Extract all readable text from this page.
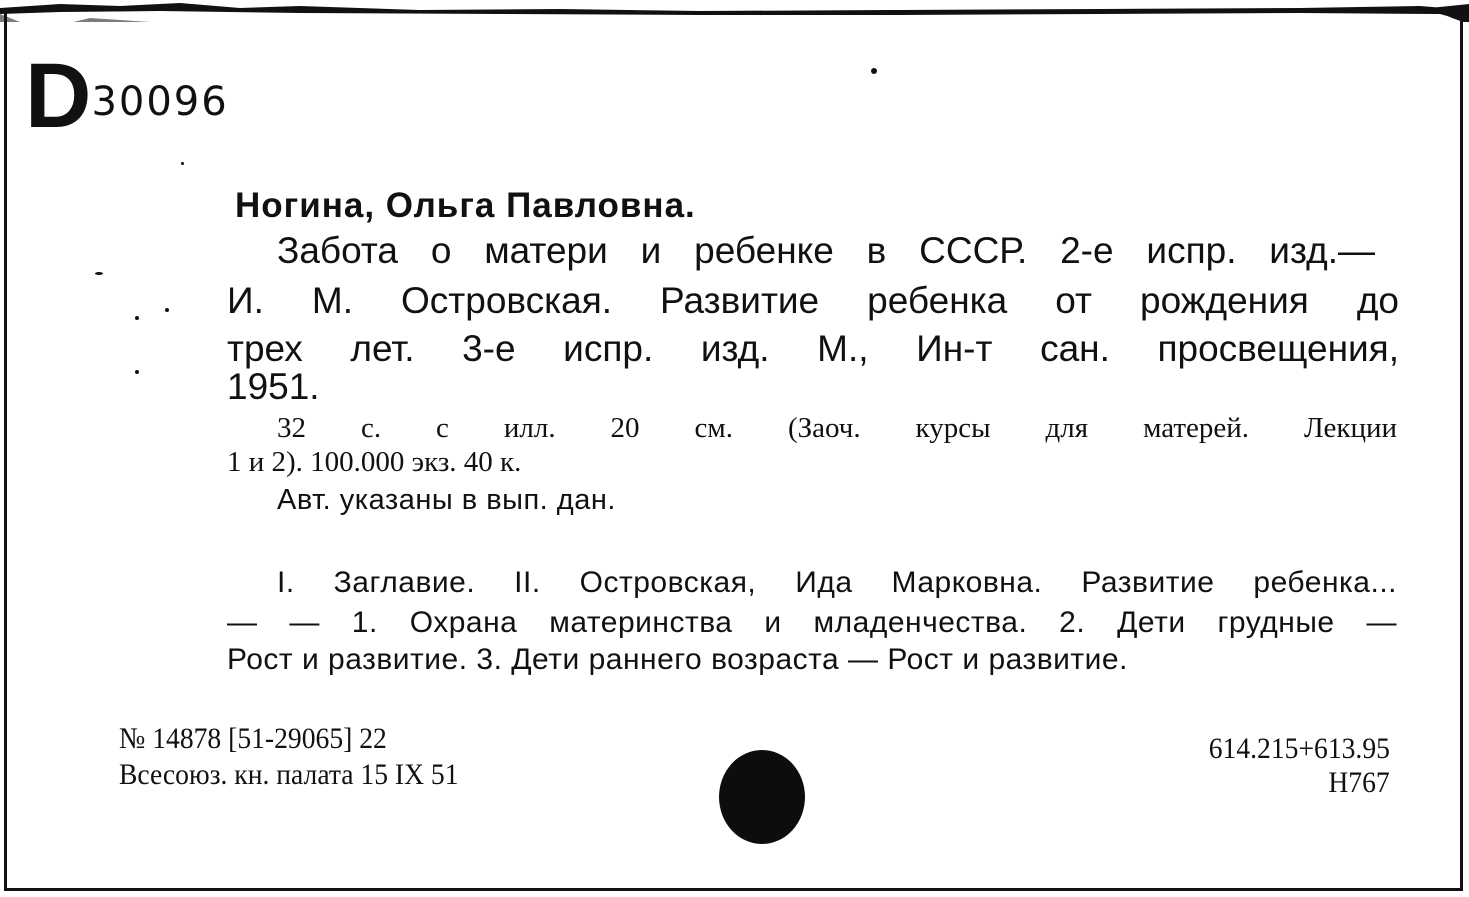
D 30096

Ногина, Ольга Павловна.

Забота о матери и ребенке в СССР. 2-е испр. изд.—

И. М. Островская. Развитие ребенка от рождения до

трех лет. 3-е испр. изд. М., Ин-т сан. просвещения,

1951.

32 с. с илл. 20 см. (Заоч. курсы для матерей. Лекции

1 и 2). 100.000 экз. 40 к.

Авт. указаны в вып. дан.

I. Заглавие. II. Островская, Ида Марковна. Развитие ребенка...

— — 1. Охрана материнства и младенчества. 2. Дети грудные —

Рост и развитие. 3. Дети раннего возраста — Рост и развитие.

№ 14878 [51-29065] 22

Всесоюз. кн. палата 15 IX 51

614.215+613.95

Н767
